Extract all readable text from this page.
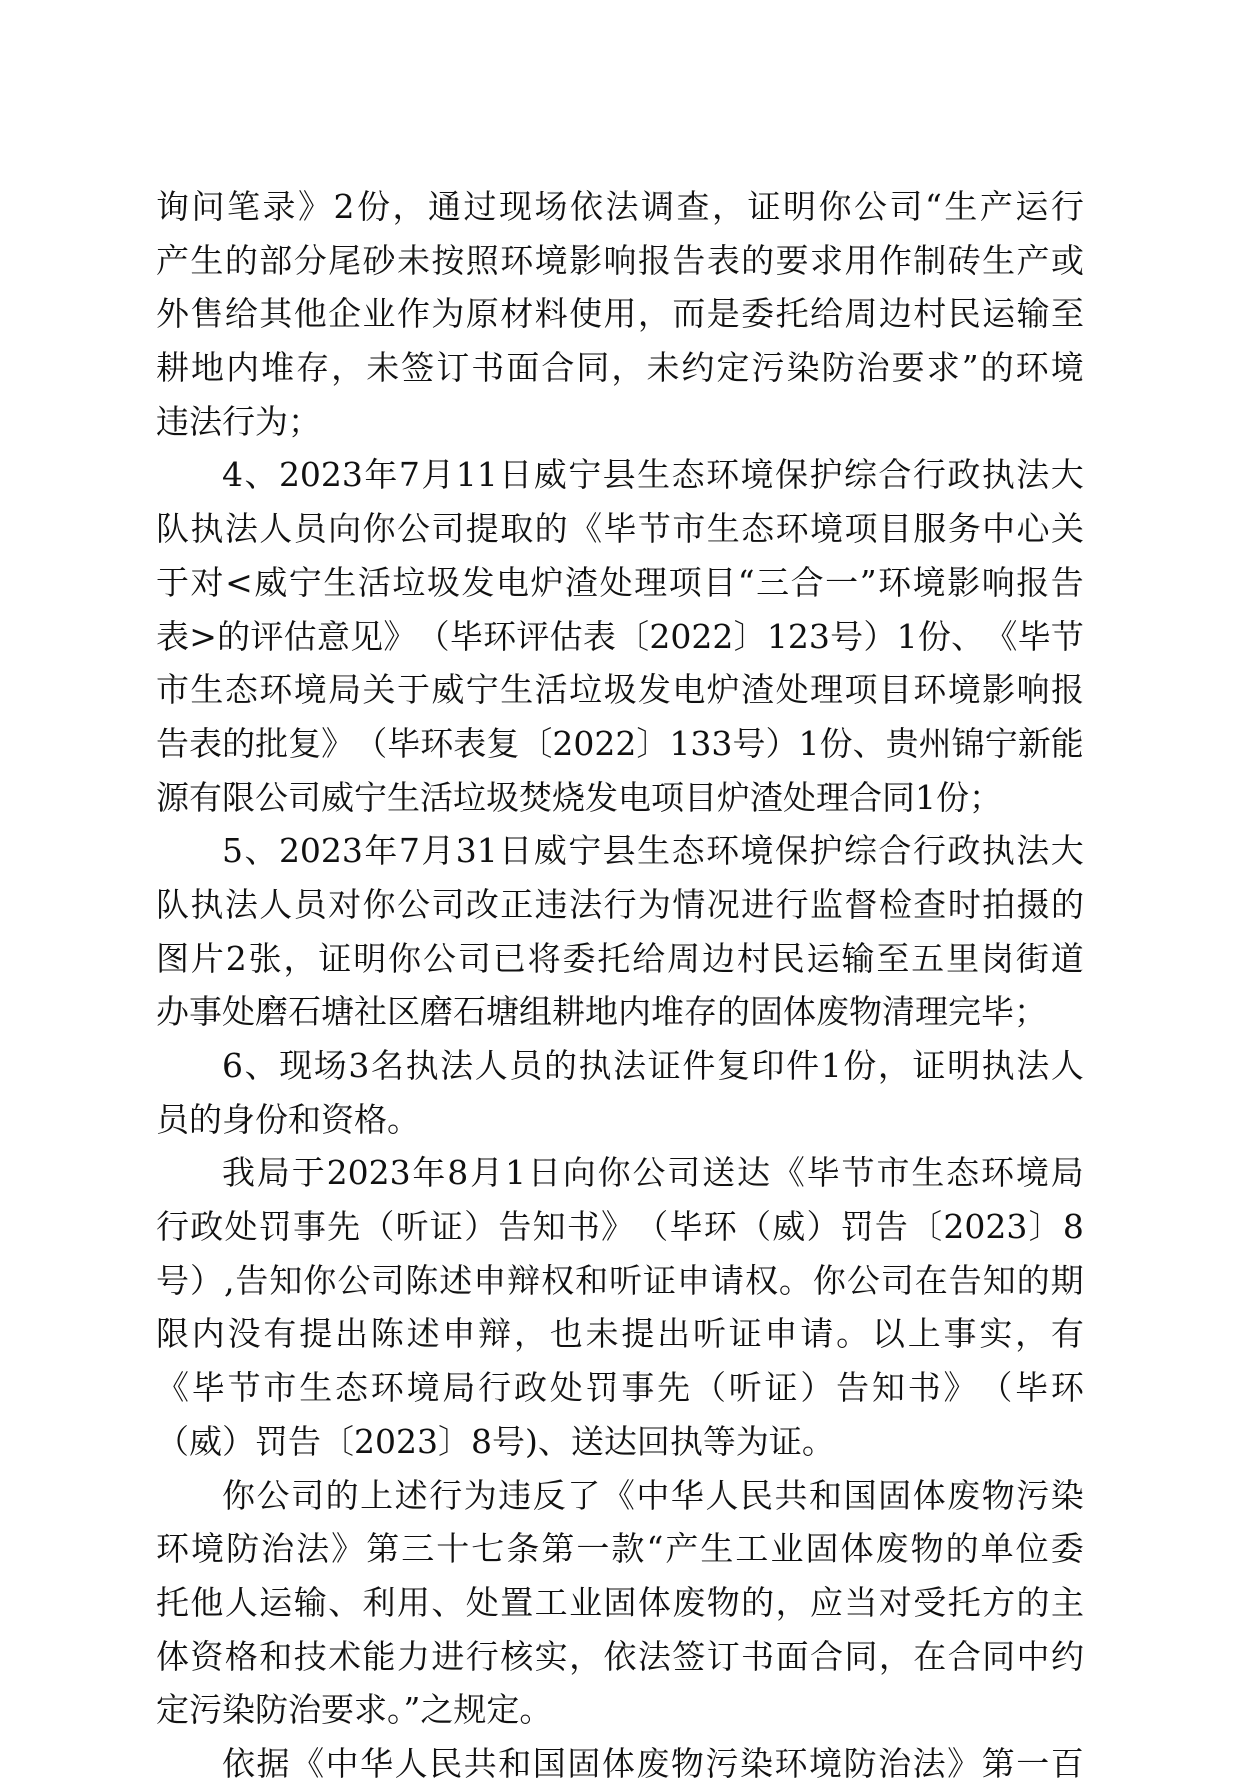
询 问 笔 录 》 2 份 ， 通 过 现 场 依 法 调 查 ， 证 明 你 公 司 “ 生 产 运 行
产 生 的 部 分 尾 砂 未 按 照 环 境 影 响 报 告 表 的 要 求 用 作 制 砖 生 产 或
外 售 给 其 他 企 业 作 为 原 材 料 使 用 ， 而 是 委 托 给 周 边 村 民 运 输 至
耕 地 内 堆 存 ， 未 签 订 书 面 合 同 ， 未 约 定 污 染 防 治 要 求 ” 的 环 境
违法行为；
4 、 2023 年 7 月 11 日 威 宁 县 生 态 环 境 保 护 综 合 行 政 执 法 大
队 执 法 人 员 向 你 公 司 提 取 的 《 毕 节 市 生 态 环 境 项 目 服 务 中 心 关
于 对 < 威 宁 生 活 垃 圾 发 电 炉 渣 处 理 项 目 “ 三 合 一 ” 环 境 影 响 报 告
表 > 的 评 估 意 见 》 （ 毕 环 评 估 表 〔 2022 〕 123 号 ） 1 份 、 《 毕 节
市 生 态 环 境 局 关 于 威 宁 生 活 垃 圾 发 电 炉 渣 处 理 项 目 环 境 影 响 报
告 表 的 批 复 》 （ 毕 环 表 复 〔 2022 〕 133 号 ） 1 份 、 贵 州 锦 宁 新 能
源有限公司威宁生活垃圾焚烧发电项目炉渣处理合同1份；
5 、 2023 年 7 月 31 日 威 宁 县 生 态 环 境 保 护 综 合 行 政 执 法 大
队 执 法 人 员 对 你 公 司 改 正 违 法 行 为 情 况 进 行 监 督 检 查 时 拍 摄 的
图 片 2 张 ， 证 明 你 公 司 已 将 委 托 给 周 边 村 民 运 输 至 五 里 岗 街 道
办事处磨石塘社区磨石塘组耕地内堆存的固体废物清理完毕；
6 、 现 场 3 名 执 法 人 员 的 执 法 证 件 复 印 件 1 份 ， 证 明 执 法 人
员的身份和资格。
我 局 于 2023 年 8 月 1 日 向 你 公 司 送 达 《 毕 节 市 生 态 环 境 局
行 政 处 罚 事 先 （ 听 证 ） 告 知 书 》 （ 毕 环 （ 威 ） 罚 告 〔 2023 〕 8
号 ） , 告 知 你 公 司 陈 述 申 辩 权 和 听 证 申 请 权 。 你 公 司 在 告 知 的 期
限 内 没 有 提 出 陈 述 申 辩 ， 也 未 提 出 听 证 申 请 。 以 上 事 实 ， 有
《 毕 节 市 生 态 环 境 局 行 政 处 罚 事 先 （ 听 证 ） 告 知 书 》 （ 毕 环
（威）罚告〔2023〕8号)、送达回执等为证。
你 公 司 的 上 述 行 为 违 反 了 《 中 华 人 民 共 和 国 固 体 废 物 污 染
环 境 防 治 法 》 第 三 十 七 条 第 一 款 “ 产 生 工 业 固 体 废 物 的 单 位 委
托 他 人 运 输 、 利 用 、 处 置 工 业 固 体 废 物 的 ， 应 当 对 受 托 方 的 主
体 资 格 和 技 术 能 力 进 行 核 实 ， 依 法 签 订 书 面 合 同 ， 在 合 同 中 约
定污染防治要求。”之规定。
依 据 《 中 华 人 民 共 和 国 固 体 废 物 污 染 环 境 防 治 法 》 第 一 百
